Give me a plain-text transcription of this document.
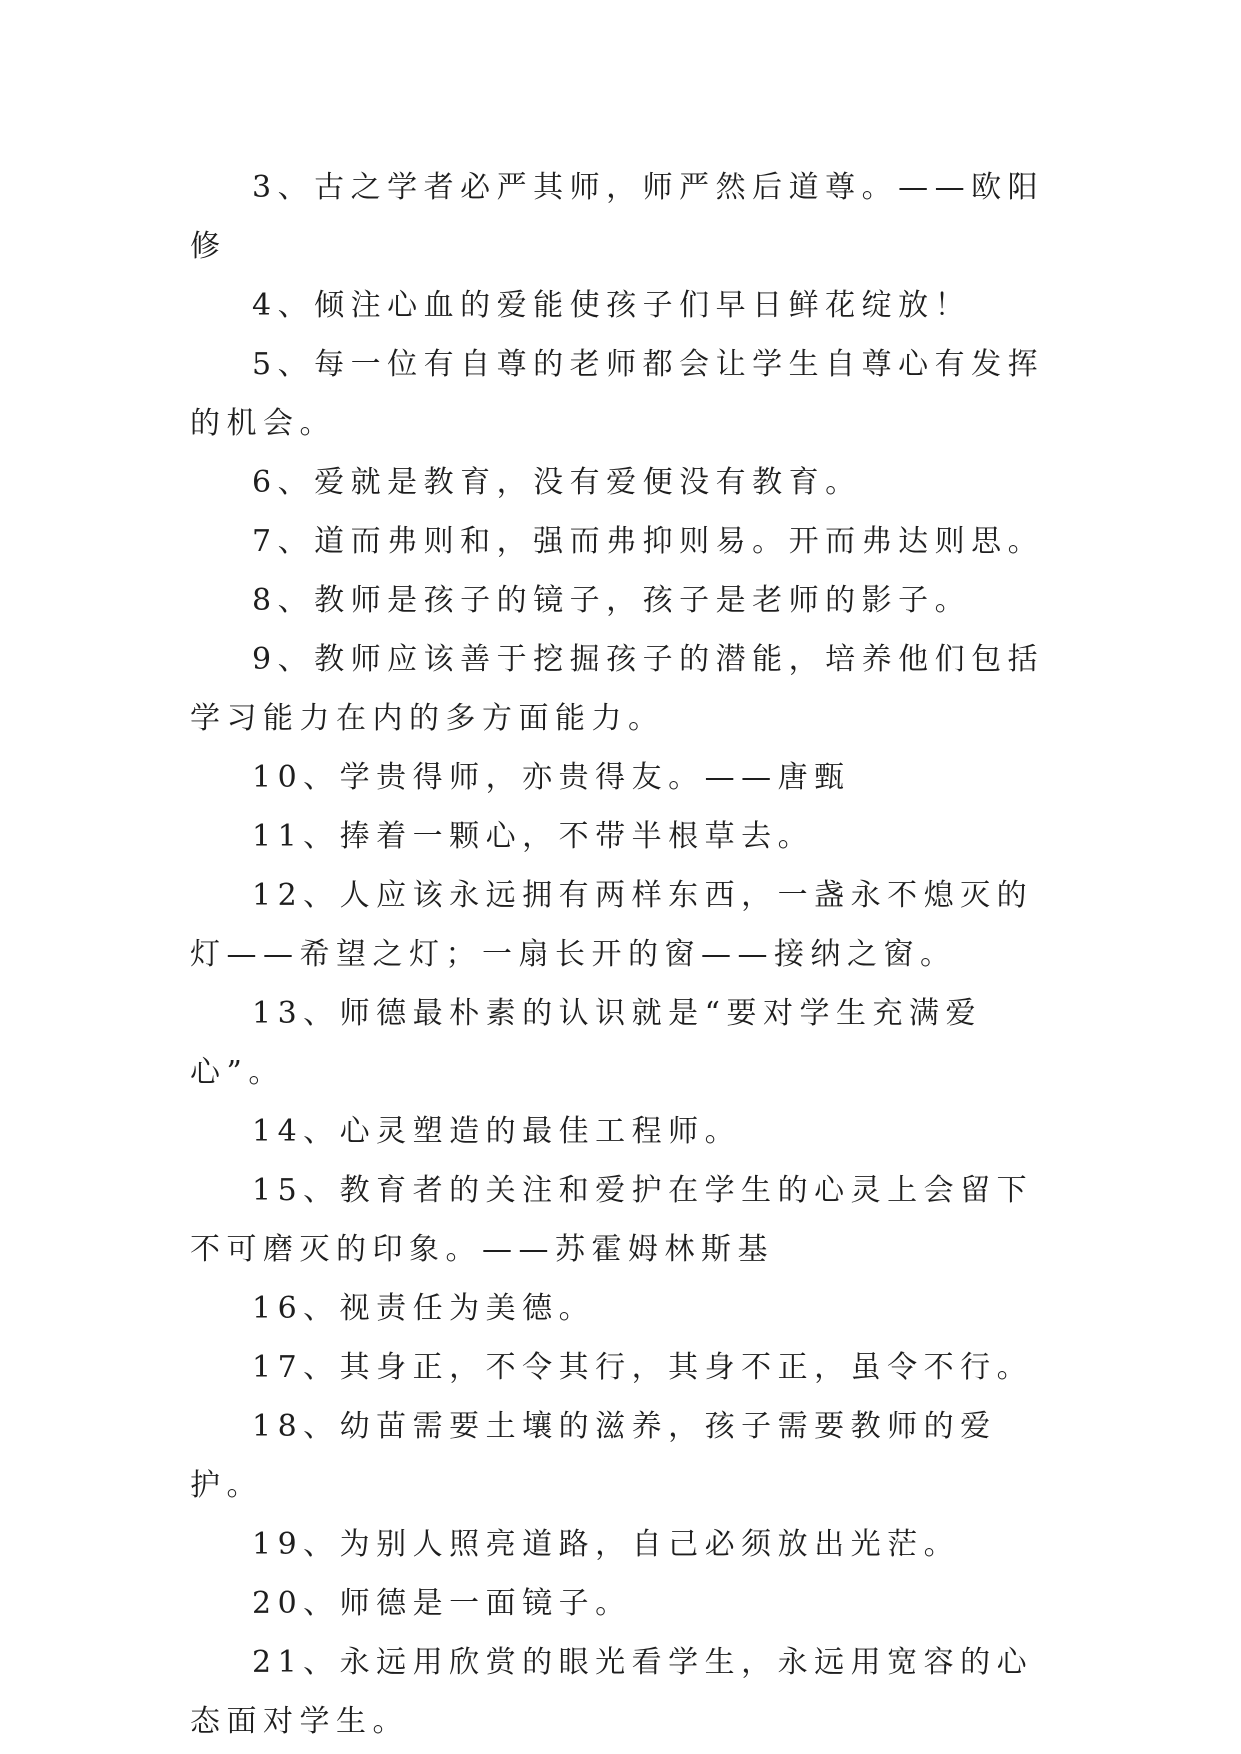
3、古之学者必严其师，师严然后道尊。——欧阳修

4、倾注心血的爱能使孩子们早日鲜花绽放！

5、每一位有自尊的老师都会让学生自尊心有发挥的机会。

6、爱就是教育，没有爱便没有教育。

7、道而弗则和，强而弗抑则易。开而弗达则思。

8、教师是孩子的镜子，孩子是老师的影子。

9、教师应该善于挖掘孩子的潜能，培养他们包括学习能力在内的多方面能力。

10、学贵得师，亦贵得友。——唐甄

11、捧着一颗心，不带半根草去。

12、人应该永远拥有两样东西，一盏永不熄灭的灯——希望之灯；一扇长开的窗——接纳之窗。

13、师德最朴素的认识就是“要对学生充满爱心”。

14、心灵塑造的最佳工程师。

15、教育者的关注和爱护在学生的心灵上会留下不可磨灭的印象。——苏霍姆林斯基

16、视责任为美德。

17、其身正，不令其行，其身不正，虽令不行。

18、幼苗需要土壤的滋养，孩子需要教师的爱护。

19、为别人照亮道路，自己必须放出光茫。

20、师德是一面镜子。

21、永远用欣赏的眼光看学生，永远用宽容的心态面对学生。
